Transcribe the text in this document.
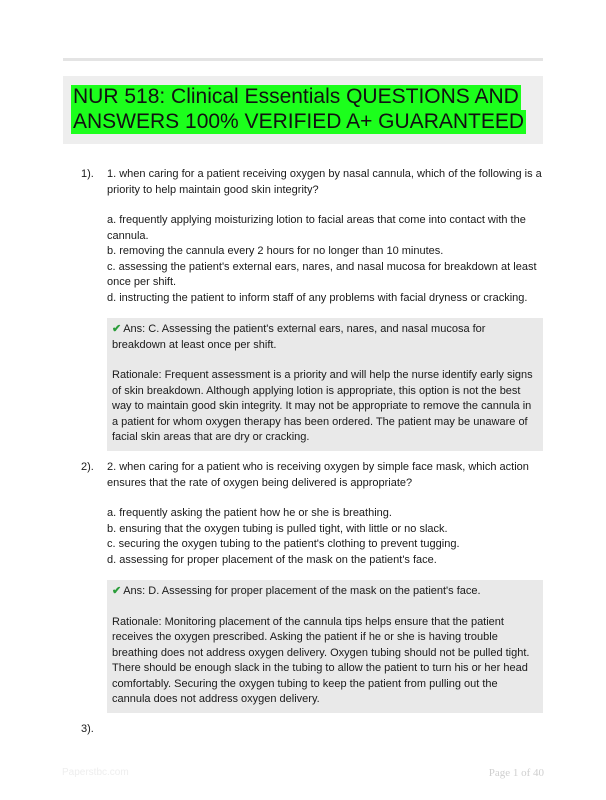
NUR 518: Clinical Essentials QUESTIONS AND
ANSWERS 100% VERIFIED A+ GUARANTEED
1).	1. when caring for a patient receiving oxygen by nasal cannula, which of the following is a priority to help maintain good skin integrity?
a. frequently applying moisturizing lotion to facial areas that come into contact with the cannula.
b. removing the cannula every 2 hours for no longer than 10 minutes.
c. assessing the patient's external ears, nares, and nasal mucosa for breakdown at least once per shift.
d. instructing the patient to inform staff of any problems with facial dryness or cracking.
✔ Ans: C. Assessing the patient's external ears, nares, and nasal mucosa for breakdown at least once per shift.
Rationale: Frequent assessment is a priority and will help the nurse identify early signs of skin breakdown. Although applying lotion is appropriate, this option is not the best way to maintain good skin integrity. It may not be appropriate to remove the cannula in a patient for whom oxygen therapy has been ordered. The patient may be unaware of facial skin areas that are dry or cracking.
2).	2. when caring for a patient who is receiving oxygen by simple face mask, which action ensures that the rate of oxygen being delivered is appropriate?
a. frequently asking the patient how he or she is breathing.
b. ensuring that the oxygen tubing is pulled tight, with little or no slack.
c. securing the oxygen tubing to the patient's clothing to prevent tugging.
d. assessing for proper placement of the mask on the patient's face.
✔ Ans: D. Assessing for proper placement of the mask on the patient's face.
Rationale: Monitoring placement of the cannula tips helps ensure that the patient receives the oxygen prescribed. Asking the patient if he or she is having trouble breathing does not address oxygen delivery. Oxygen tubing should not be pulled tight. There should be enough slack in the tubing to allow the patient to turn his or her head comfortably. Securing the oxygen tubing to keep the patient from pulling out the cannula does not address oxygen delivery.
3).
Paperstbc.com	Page 1 of 40
